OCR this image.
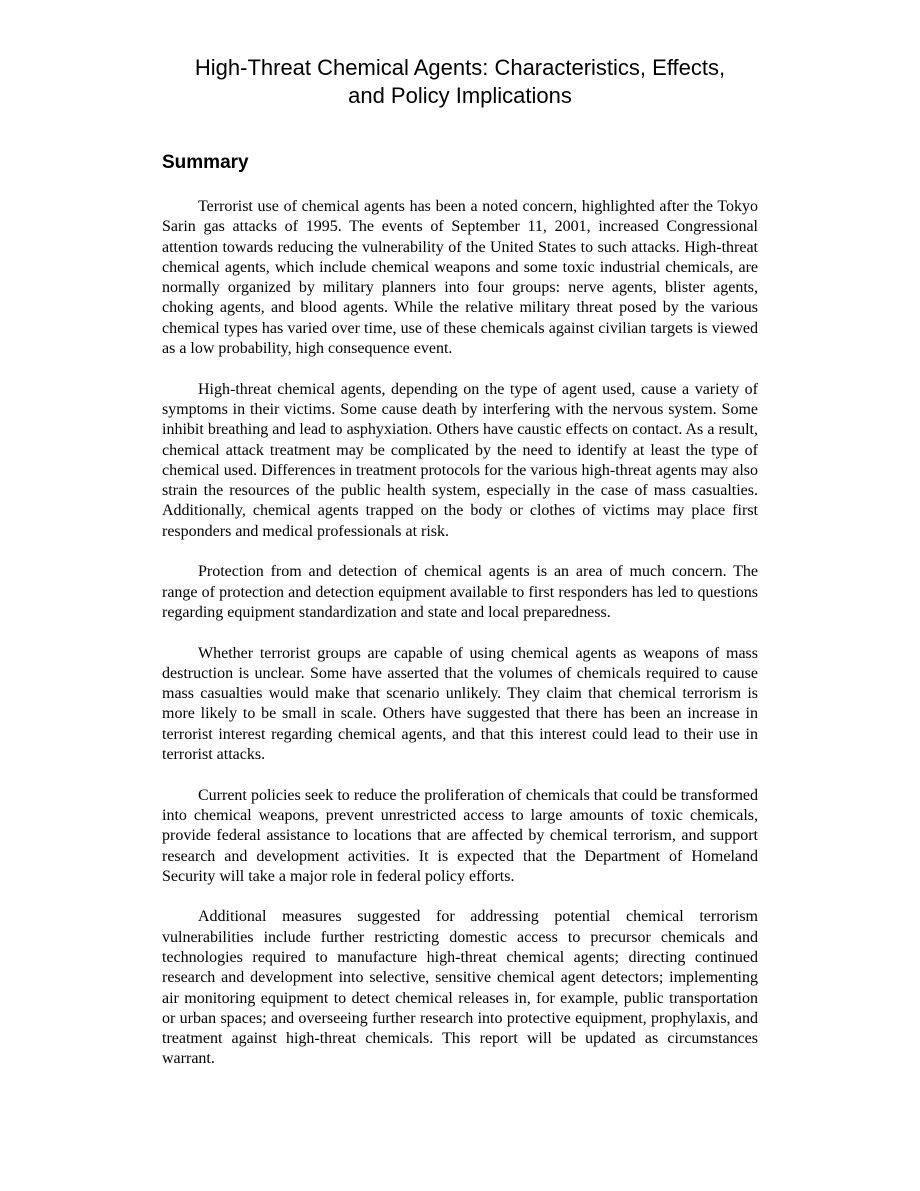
High-Threat Chemical Agents: Characteristics, Effects,
and Policy Implications
Summary

Terrorist use of chemical agents has been a noted concern, highlighted after the Tokyo Sarin gas attacks of 1995. The events of September 11, 2001, increased Congressional attention towards reducing the vulnerability of the United States to such attacks. High-threat chemical agents, which include chemical weapons and some toxic industrial chemicals, are normally organized by military planners into four groups: nerve agents, blister agents, choking agents, and blood agents. While the relative military threat posed by the various chemical types has varied over time, use of these chemicals against civilian targets is viewed as a low probability, high consequence event.

High-threat chemical agents, depending on the type of agent used, cause a variety of symptoms in their victims. Some cause death by interfering with the nervous system. Some inhibit breathing and lead to asphyxiation. Others have caustic effects on contact. As a result, chemical attack treatment may be complicated by the need to identify at least the type of chemical used. Differences in treatment protocols for the various high-threat agents may also strain the resources of the public health system, especially in the case of mass casualties. Additionally, chemical agents trapped on the body or clothes of victims may place first responders and medical professionals at risk.

Protection from and detection of chemical agents is an area of much concern. The range of protection and detection equipment available to first responders has led to questions regarding equipment standardization and state and local preparedness.

Whether terrorist groups are capable of using chemical agents as weapons of mass destruction is unclear. Some have asserted that the volumes of chemicals required to cause mass casualties would make that scenario unlikely. They claim that chemical terrorism is more likely to be small in scale. Others have suggested that there has been an increase in terrorist interest regarding chemical agents, and that this interest could lead to their use in terrorist attacks.

Current policies seek to reduce the proliferation of chemicals that could be transformed into chemical weapons, prevent unrestricted access to large amounts of toxic chemicals, provide federal assistance to locations that are affected by chemical terrorism, and support research and development activities. It is expected that the Department of Homeland Security will take a major role in federal policy efforts.

Additional measures suggested for addressing potential chemical terrorism vulnerabilities include further restricting domestic access to precursor chemicals and technologies required to manufacture high-threat chemical agents; directing continued research and development into selective, sensitive chemical agent detectors; implementing air monitoring equipment to detect chemical releases in, for example, public transportation or urban spaces; and overseeing further research into protective equipment, prophylaxis, and treatment against high-threat chemicals. This report will be updated as circumstances warrant.
